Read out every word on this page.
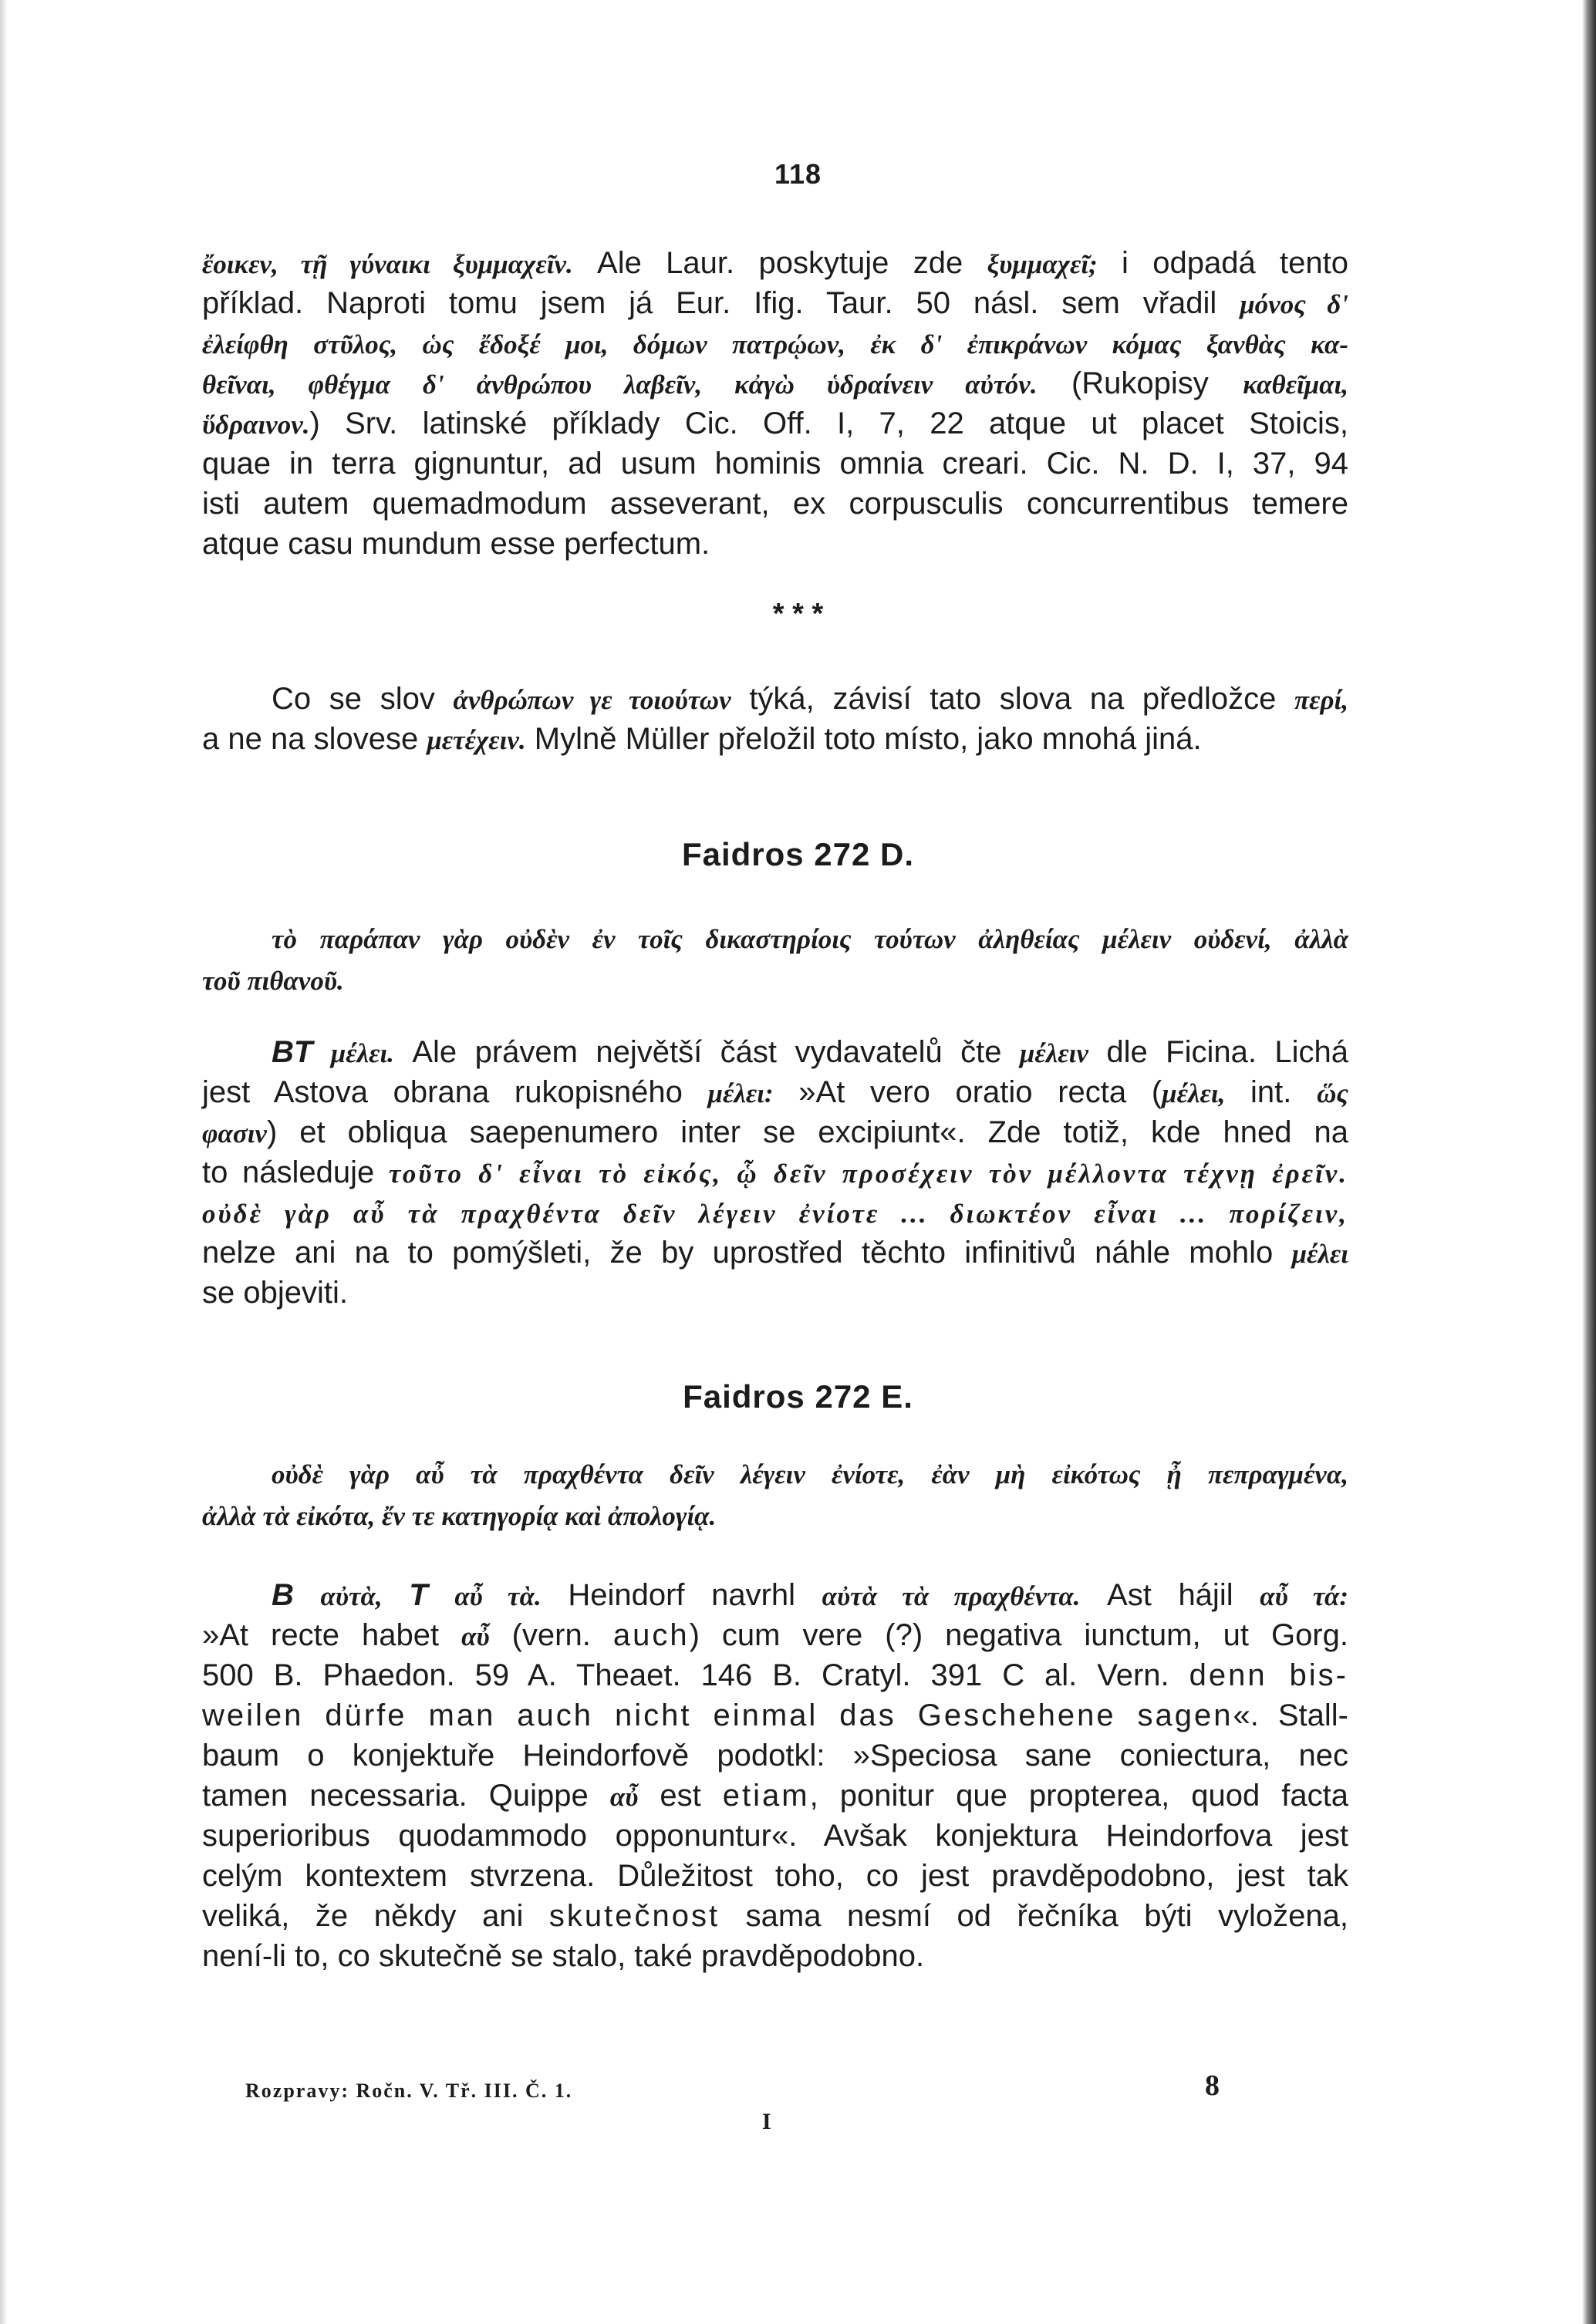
118

ἔοικεν, τῇ γύναικι ξυμμαχεῖν. Ale Laur. poskytuje zde ξυμμαχεῖ; i odpadá tento

příklad. Naproti tomu jsem já Eur. Ifig. Taur. 50 násl. sem vřadil μόνος δ'

ἐλείφθη στῦλος, ὡς ἔδοξέ μοι, δόμων πατρῴων, ἐκ δ' ἐπικράνων κόμας ξανθὰς κα-

θεῖναι, φθέγμα δ' ἀνθρώπου λαβεῖν, κἀγὼ ὑδραίνειν αὐτόν. (Rukopisy καθεῖμαι,

ὕδραινον.) Srv. latinské příklady Cic. Off. I, 7, 22 atque ut placet Stoicis,

quae in terra gignuntur, ad usum hominis omnia creari. Cic. N. D. I, 37, 94

isti autem quemadmodum asseverant, ex corpusculis concurrentibus temere

atque casu mundum esse perfectum.

* * *

Co se slov ἀνθρώπων γε τοιούτων týká, závisí tato slova na předložce περί,

a ne na slovese μετέχειν. Mylně Müller přeložil toto místo, jako mnohá jiná.

Faidros 272 D.

τὸ παράπαν γὰρ οὐδὲν ἐν τοῖς δικαστηρίοις τούτων ἀληθείας μέλειν οὐδενί, ἀλλὰ

τοῦ πιθανοῦ.

BT μέλει. Ale právem největší část vydavatelů čte μέλειν dle Ficina. Lichá

jest Astova obrana rukopisného μέλει: »At vero oratio recta (μέλει, int. ὥς

φασιν) et obliqua saepenumero inter se excipiunt«. Zde totiž, kde hned na

to následuje τοῦτο δ' εἶναι τὸ εἰκός, ᾧ δεῖν προσέχειν τὸν μέλλοντα τέχνῃ ἐρεῖν.

οὐδὲ γὰρ αὖ τὰ πραχθέντα δεῖν λέγειν ἐνίοτε ... διωκτέον εἶναι ... πορίζειν,

nelze ani na to pomýšleti, že by uprostřed těchto infinitivů náhle mohlo μέλει

se objeviti.

Faidros 272 E.

οὐδὲ γὰρ αὖ τὰ πραχθέντα δεῖν λέγειν ἐνίοτε, ἐὰν μὴ εἰκότως ᾖ πεπραγμένα,

ἀλλὰ τὰ εἰκότα, ἔν τε κατηγορίᾳ καὶ ἀπολογίᾳ.

B αὐτὰ, T αὖ τὰ. Heindorf navrhl αὐτὰ τὰ πραχθέντα. Ast hájil αὖ τά:

»At recte habet αὖ (vern. auch) cum vere (?) negativa iunctum, ut Gorg.

500 B. Phaedon. 59 A. Theaet. 146 B. Cratyl. 391 C al. Vern. denn bis-

weilen dürfe man auch nicht einmal das Geschehene sagen«. Stall-

baum o konjektuře Heindorfově podotkl: »Speciosa sane coniectura, nec

tamen necessaria. Quippe αὖ est etiam, ponitur que propterea, quod facta

superioribus quodammodo opponuntur«. Avšak konjektura Heindorfova jest

celým kontextem stvrzena. Důležitost toho, co jest pravděpodobno, jest tak

veliká, že někdy ani skutečnost sama nesmí od řečníka býti vyložena,

není-li to, co skutečně se stalo, také pravděpodobno.

Rozpravy: Ročn. V. Tř. III. Č. 1.	8
I
